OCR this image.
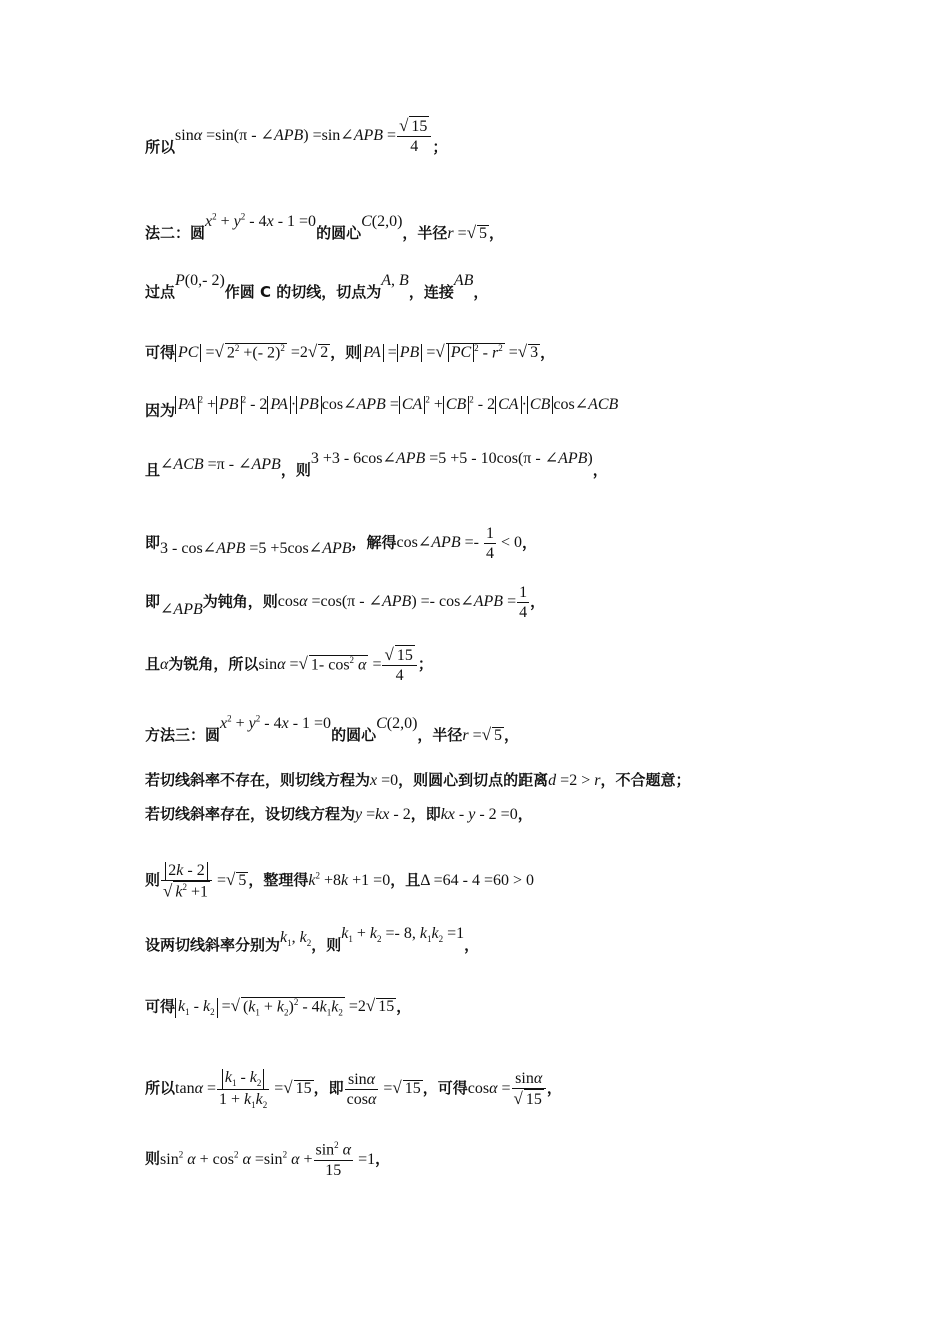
所以sinα =sin(π - ∠APB) =sin∠APB = $\frac{√ 15}{4}$ ；
法二：圆$x^2 + y^2 - 4x - 1 =0$的圆心C(2,0)，半径r =√ 5 ，
过点P(0,- 2)作圆 C 的切线，切点为A, B，连接AB，
可得 PC =√ $2^2$ +(- 2)$^2$ =2√ 2 ，则 PA = PB =√ PC $^2 - r^2$ =√ 3 ，
因为 PA $^2$ + PB $^2$ - 2 PA · PB cos∠APB = CA $^2$ + CB $^2$ - 2 CA · CB cos∠ACB
且∠ACB =π - ∠APB，则3 +3 - 6cos∠APB =5 +5 - 10cos(π - ∠APB)，
即3 - cos∠APB =5 +5cos∠APB，解得cos∠APB =- $\frac{1}{4} < 0$，
即∠APB为钝角，则cosα =cos(π - ∠APB) =- cos∠APB = $\frac{1}{4}$ ，
且α为锐角，所以sinα =√ 1- $\cos^2 \alpha = \frac{√ 15}{4}$ ；
方法三：圆$x^2 + y^2 - 4x - 1 =0$的圆心C(2,0)，半径r =√ 5 ，
若切线斜率不存在，则切线方程为x =0，则圆心到切点的距离d =2 > r，不合题意；
若切线斜率存在，设切线方程为y =kx - 2，即kx - y - 2 =0，
则 $\frac{2k - 2}{√ k^2 +1}$ =√ 5 ，整理得$k^2 +8k +1 =0$，且Δ =64 - 4 =60 > 0
设两切线斜率分别为$k_1$, $k_2$，则$k_1 + k_2 =- 8$, $k_1k_2 =1$，
可得 $k_1 - k_2$ =√ $(k_1 + k_2)^2 - 4k_1k_2 =2√$ 15 ，
所以$\tan\alpha = \frac{k_1 - k_2}{1 + k_1k_2}$ =√ 15 ，即 $\frac{\sin\alpha}{\cos\alpha}$ =√ 15 ，可得$\cos\alpha = \frac{\sin\alpha}{√ 15}$ ，
则$\sin^2 \alpha + \cos^2 \alpha =\sin^2$ $\alpha + \frac{\sin^2 \alpha}{15} =1$，
